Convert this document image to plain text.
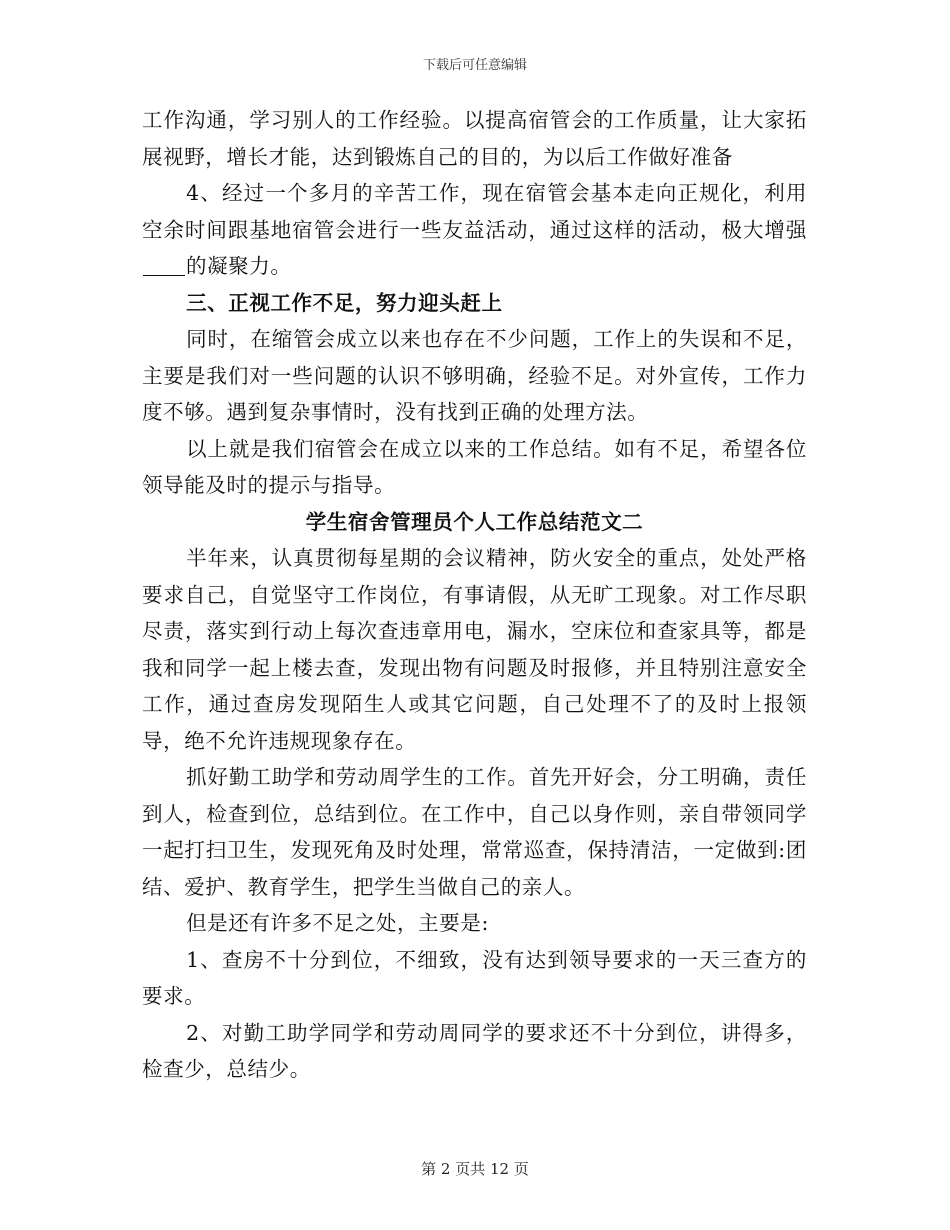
下载后可任意编辑

工作沟通，学习别人的工作经验。以提高宿管会的工作质量，让大家拓展视野，增长才能，达到锻炼自己的目的，为以后工作做好准备

4、经过一个多月的辛苦工作，现在宿管会基本走向正规化，利用空余时间跟基地宿管会进行一些友益活动，通过这样的活动，极大增强的凝聚力。

三、正视工作不足，努力迎头赶上

同时，在缩管会成立以来也存在不少问题，工作上的失误和不足，主要是我们对一些问题的认识不够明确，经验不足。对外宣传，工作力度不够。遇到复杂事情时，没有找到正确的处理方法。

以上就是我们宿管会在成立以来的工作总结。如有不足，希望各位领导能及时的提示与指导。

学生宿舍管理员个人工作总结范文二

半年来，认真贯彻每星期的会议精神，防火安全的重点，处处严格要求自己，自觉坚守工作岗位，有事请假，从无旷工现象。对工作尽职尽责，落实到行动上每次查违章用电，漏水，空床位和查家具等，都是我和同学一起上楼去查，发现出物有问题及时报修，并且特别注意安全工作，通过查房发现陌生人或其它问题，自己处理不了的及时上报领导，绝不允许违规现象存在。

抓好勤工助学和劳动周学生的工作。首先开好会，分工明确，责任到人，检查到位，总结到位。在工作中，自己以身作则，亲自带领同学一起打扫卫生，发现死角及时处理，常常巡查，保持清洁，一定做到:团结、爱护、教育学生，把学生当做自己的亲人。

但是还有许多不足之处，主要是:

1、查房不十分到位，不细致，没有达到领导要求的一天三查方的要求。

2、对勤工助学同学和劳动周同学的要求还不十分到位，讲得多，检查少，总结少。

第 2 页共 12 页
